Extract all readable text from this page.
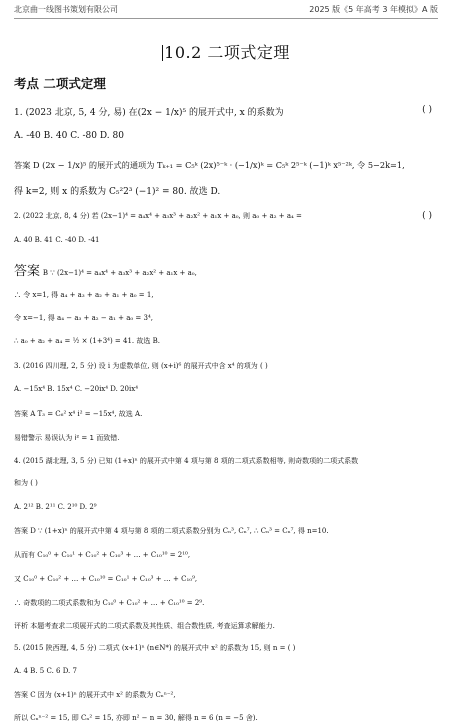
北京曲一线图书策划有限公司	2025 版《5 年高考 3 年模拟》A 版
10.2 二项式定理
考点 二项式定理
1. (2023 北京, 5, 4 分, 易) 在(2x − 1/x)⁵ 的展开式中, x 的系数为	( )
A. -40 B. 40 C. -80 D. 80
答案 D (2x − 1/x)⁵ 的展开式的通项为 Tₖ₊₁ = C₅ᵏ (2x)⁵⁻ᵏ · (−1/x)ᵏ = C₅ᵏ 2⁵⁻ᵏ (−1)ᵏ x⁵⁻²ᵏ, 令 5−2k=1,
得 k=2, 则 x 的系数为 C₅²2³ (−1)² = 80. 故选 D.
2. (2022 北京, 8, 4 分) 若 (2x−1)⁴ = a₄x⁴ + a₃x³ + a₂x² + a₁x + a₀, 则 a₀ + a₂ + a₄ =	( )
A. 40 B. 41 C. -40 D. -41
答案 B ∵ (2x−1)⁴ = a₄x⁴ + a₃x³ + a₂x² + a₁x + a₀,
∴ 令 x=1, 得 a₄ + a₃ + a₂ + a₁ + a₀ = 1,
令 x=−1, 得 a₄ − a₃ + a₂ − a₁ + a₀ = 3⁴,
∴ a₀ + a₂ + a₄ = ½ × (1+3⁴) = 41. 故选 B.
3. (2016 四川理, 2, 5 分) 设 i 为虚数单位, 则 (x+i)⁶ 的展开式中含 x⁴ 的项为 ( )
A. −15x⁴ B. 15x⁴ C. −20ix⁴ D. 20ix⁴
答案 A T₃ = C₆² x⁴ i² = −15x⁴, 故选 A.
易错警示 易误认为 i² = 1 而致错.
4. (2015 湖北理, 3, 5 分) 已知 (1+x)ⁿ 的展开式中第 4 项与第 8 项的二项式系数相等, 则奇数项的二项式系数
和为 ( )
A. 2¹² B. 2¹¹ C. 2¹⁰ D. 2⁹
答案 D ∵ (1+x)ⁿ 的展开式中第 4 项与第 8 项的二项式系数分别为 Cₙ³, Cₙ⁷, ∴ Cₙ³ = Cₙ⁷, 得 n=10.
从而有 C₁₀⁰ + C₁₀¹ + C₁₀² + C₁₀³ + … + C₁₀¹⁰ = 2¹⁰,
又 C₁₀⁰ + C₁₀² + … + C₁₀¹⁰ = C₁₀¹ + C₁₀³ + … + C₁₀⁹,
∴ 奇数项的二项式系数和为 C₁₀⁰ + C₁₀² + … + C₁₀¹⁰ = 2⁹.
评析 本题考查求二项展开式的二项式系数及其性质、组合数性质, 考查运算求解能力.
5. (2015 陕西理, 4, 5 分) 二项式 (x+1)ⁿ (n∈N*) 的展开式中 x² 的系数为 15, 则 n = ( )
A. 4 B. 5 C. 6 D. 7
答案 C 因为 (x+1)ⁿ 的展开式中 x² 的系数为 Cₙⁿ⁻²,
所以 Cₙⁿ⁻² = 15, 即 Cₙ² = 15, 亦即 n² − n = 30, 解得 n = 6 (n = −5 舍).
